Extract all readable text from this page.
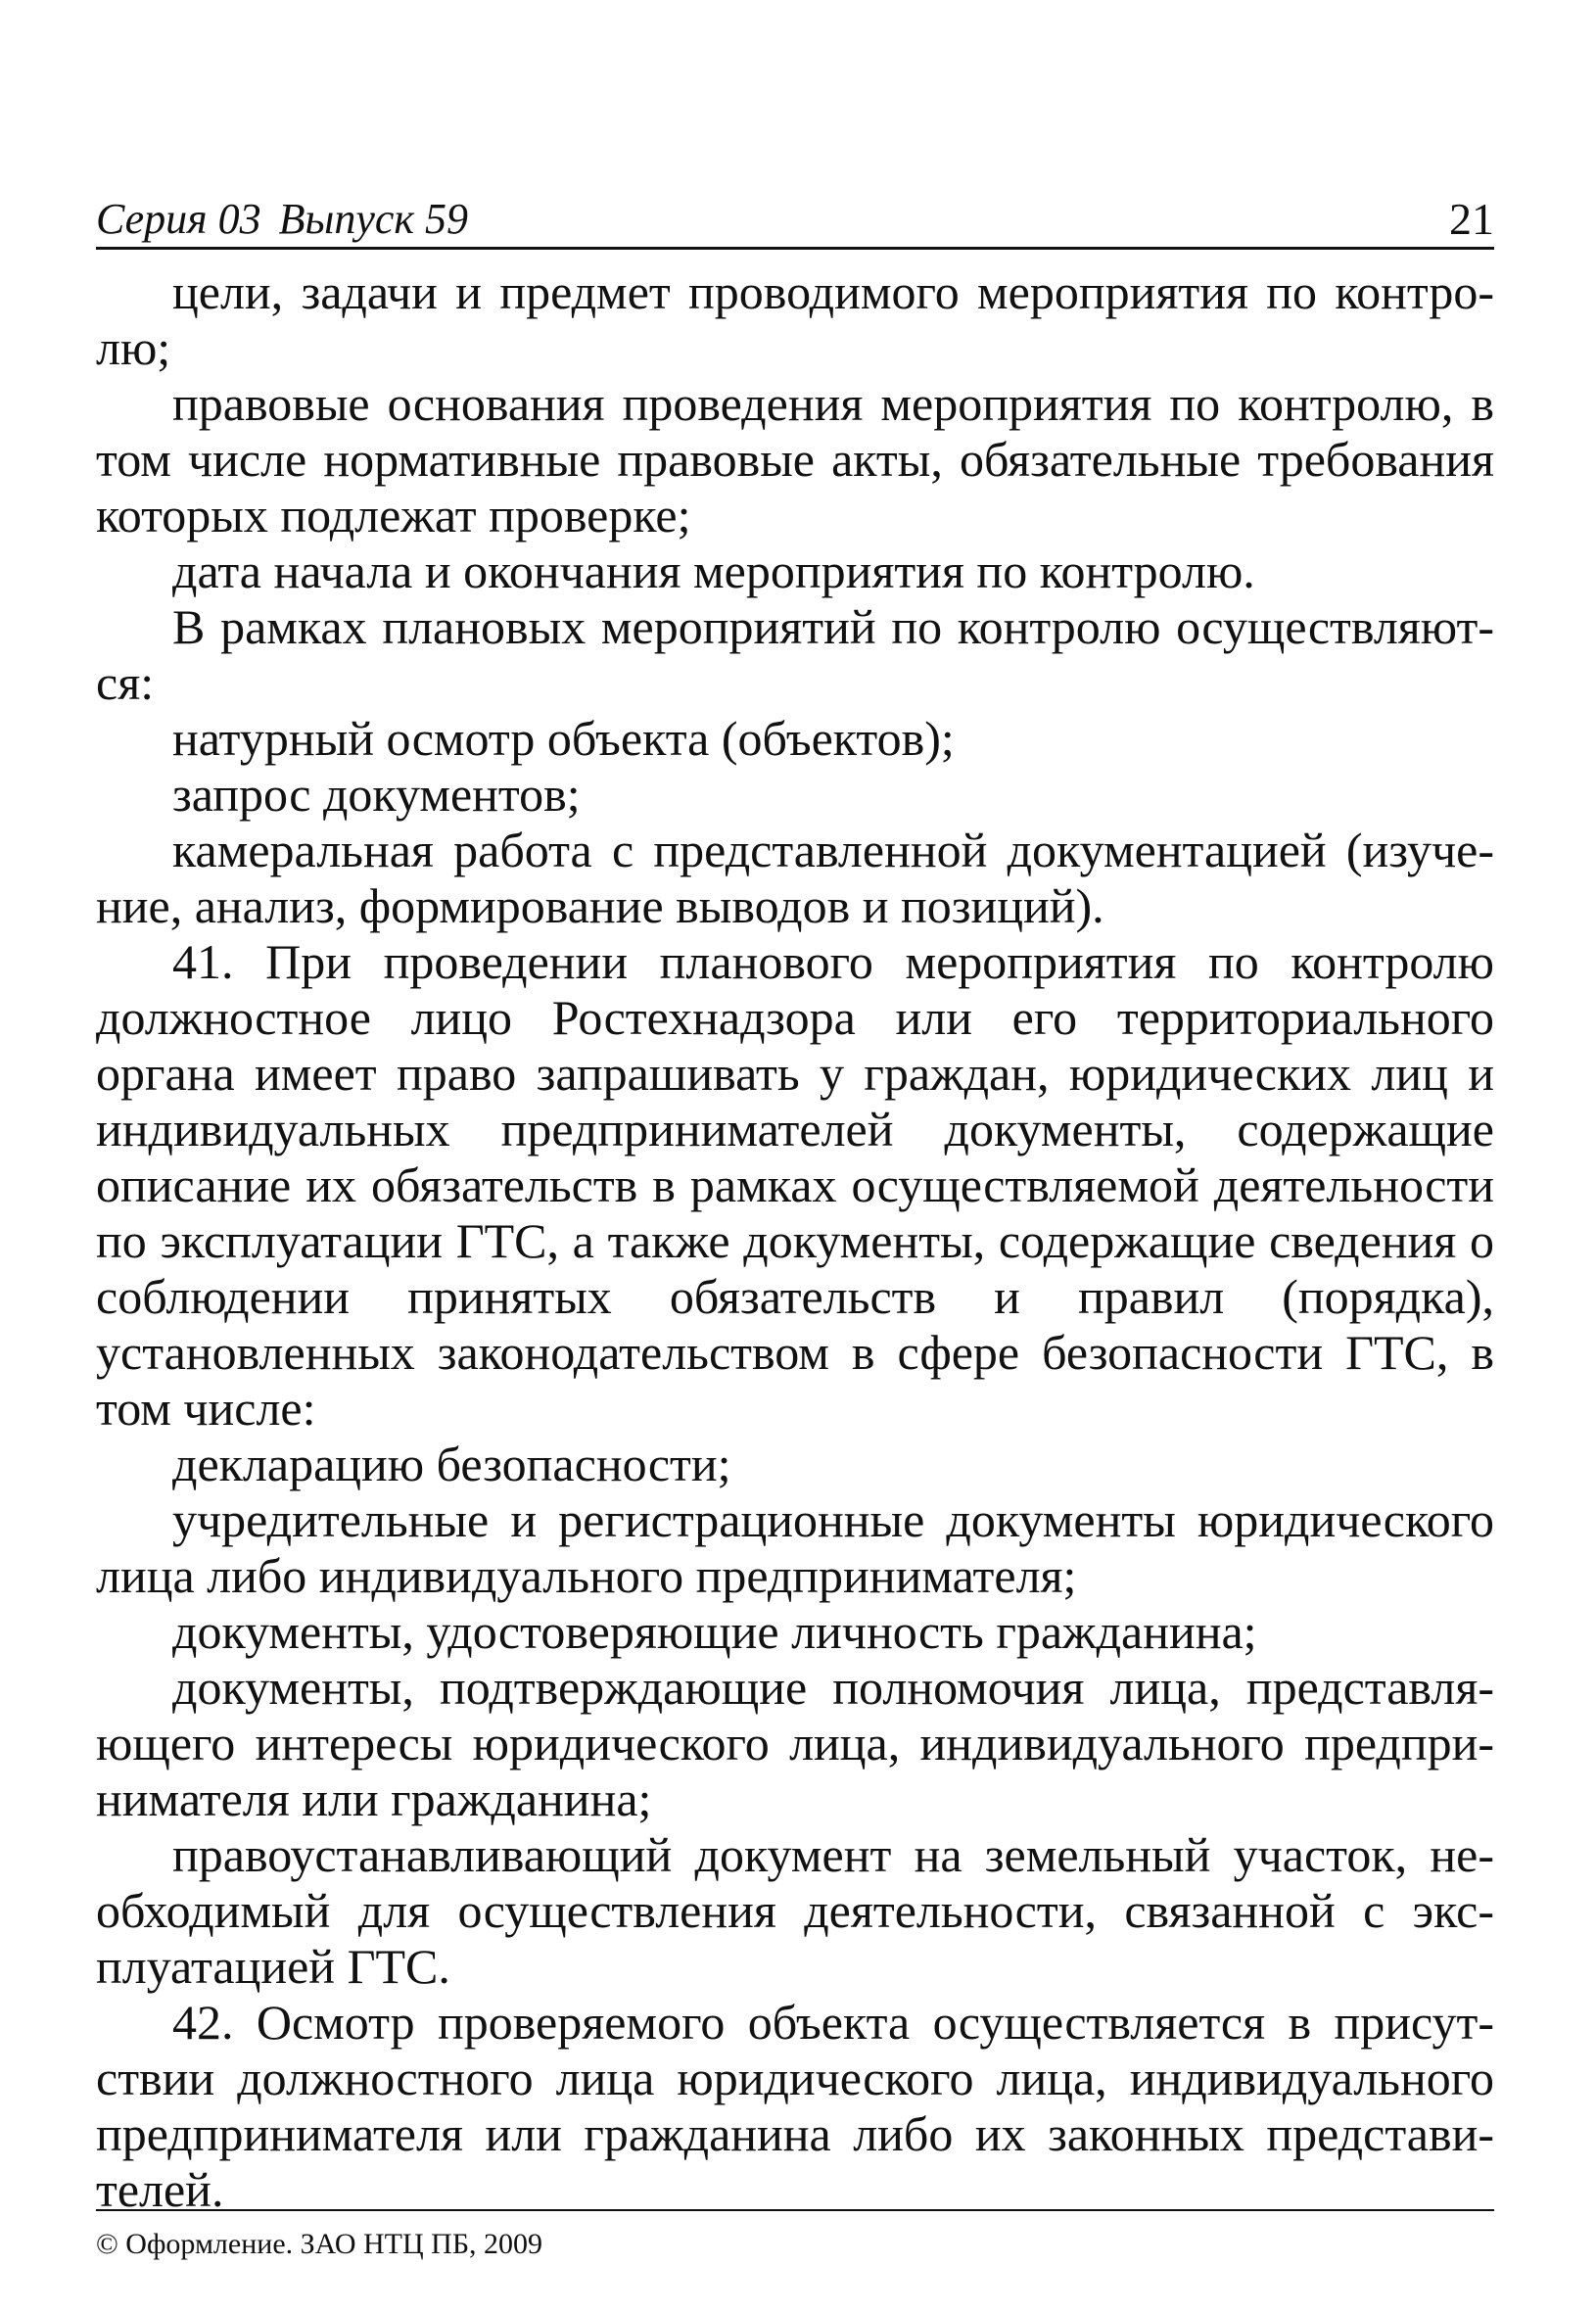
Серия 03 Выпуск 59	21

цели, задачи и предмет проводимого мероприятия по контролю;

правовые основания проведения мероприятия по контролю, в том числе нормативные правовые акты, обязательные требования которых подлежат проверке;

дата начала и окончания мероприятия по контролю.

В рамках плановых мероприятий по контролю осуществляются:

натурный осмотр объекта (объектов);

запрос документов;

камеральная работа с представленной документацией (изучение, анализ, формирование выводов и позиций).

41. При проведении планового мероприятия по контролю должностное лицо Ростехнадзора или его территориального органа имеет право запрашивать у граждан, юридических лиц и индивидуальных предпринимателей документы, содержащие описание их обязательств в рамках осуществляемой деятельности по эксплуатации ГТС, а также документы, содержащие сведения о соблюдении принятых обязательств и правил (порядка), установленных законодательством в сфере безопасности ГТС, в том числе:

декларацию безопасности;

учредительные и регистрационные документы юридического лица либо индивидуального предпринимателя;

документы, удостоверяющие личность гражданина;

документы, подтверждающие полномочия лица, представляющего интересы юридического лица, индивидуального предпринимателя или гражданина;

правоустанавливающий документ на земельный участок, необходимый для осуществления деятельности, связанной с эксплуатацией ГТС.

42. Осмотр проверяемого объекта осуществляется в присутствии должностного лица юридического лица, индивидуального предпринимателя или гражданина либо их законных представителей.

© Оформление. ЗАО НТЦ ПБ, 2009
